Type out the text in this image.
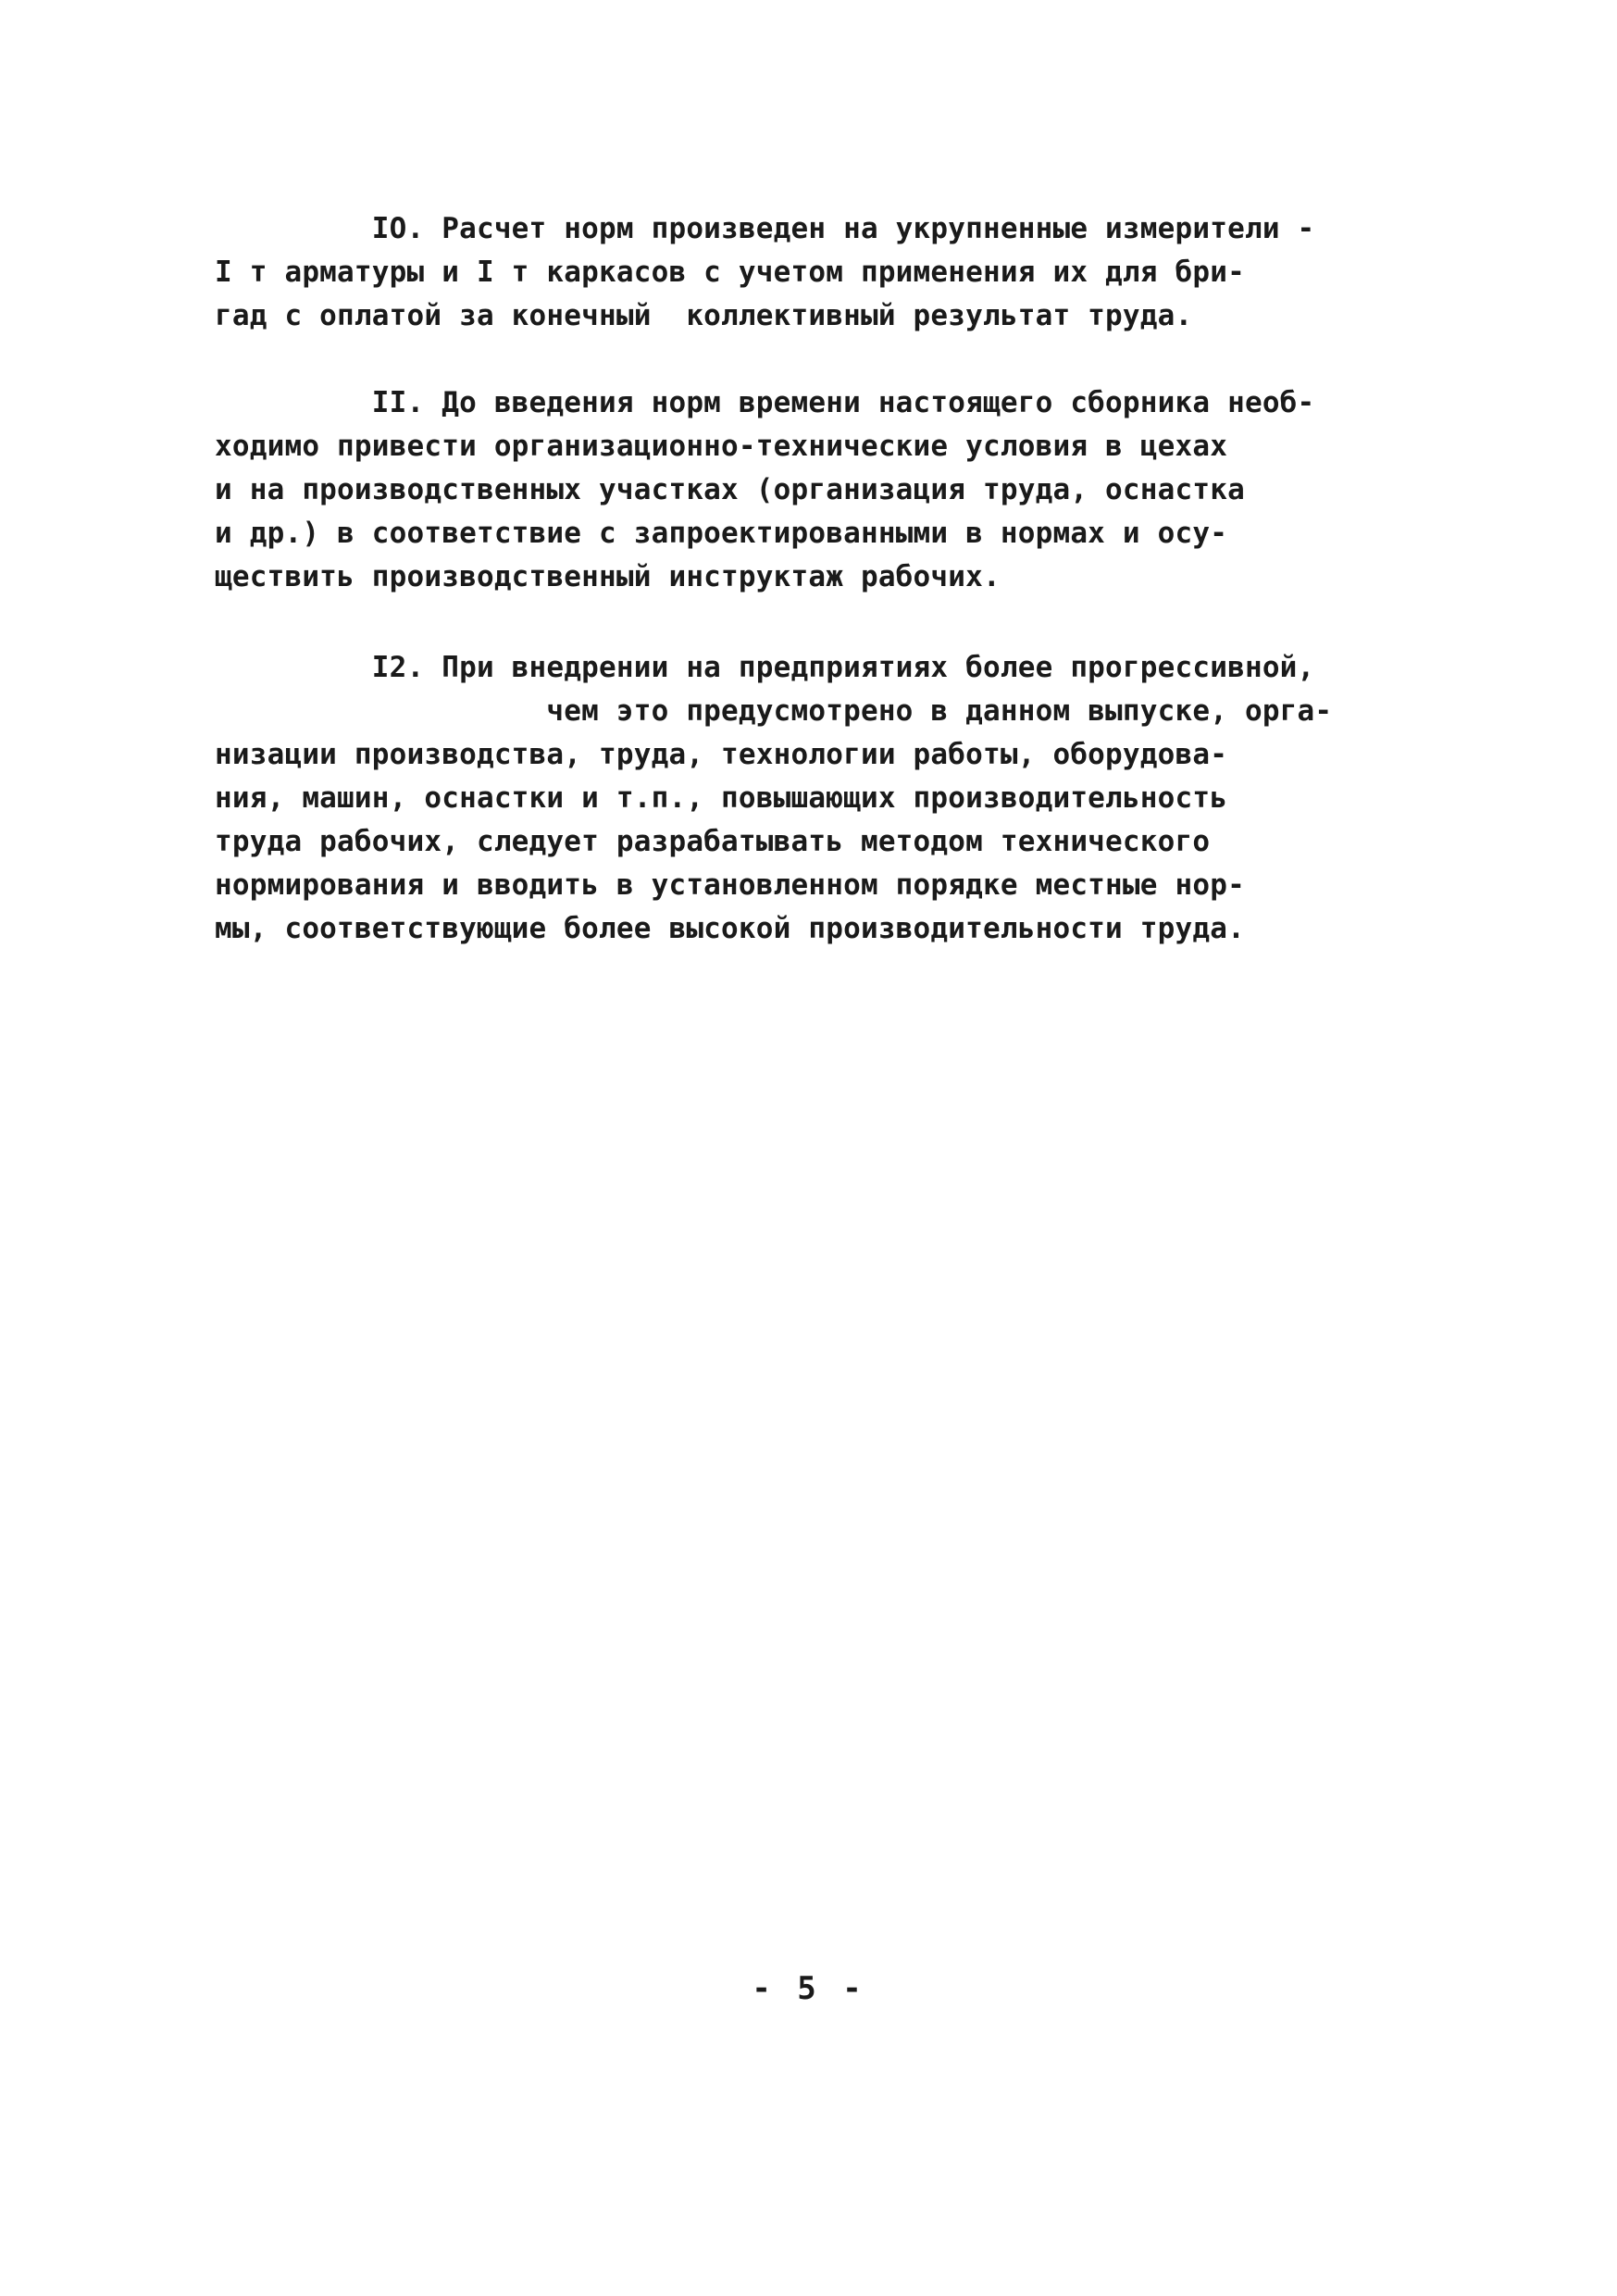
IO. Расчет норм произведен на укрупненные измерители -
I т арматуры и I т каркасов с учетом применения их для бри-
гад с оплатой за конечный  коллективный результат труда.
II. До введения норм времени настоящего сборника необ-
ходимо привести организационно-технические условия в цехах
и на производственных участках (организация труда, оснастка
и др.) в соответствие с запроектированными в нормах и осу-
ществить производственный инструктаж рабочих.
I2. При внедрении на предприятиях более прогрессивной,
чем это предусмотрено в данном выпуске, орга-
низации производства, труда, технологии работы, оборудова-
ния, машин, оснастки и т.п., повышающих производительность
труда рабочих, следует разрабатывать методом технического
нормирования и вводить в установленном порядке местные нор-
мы, соответствующие более высокой производительности труда.
- 5 -
